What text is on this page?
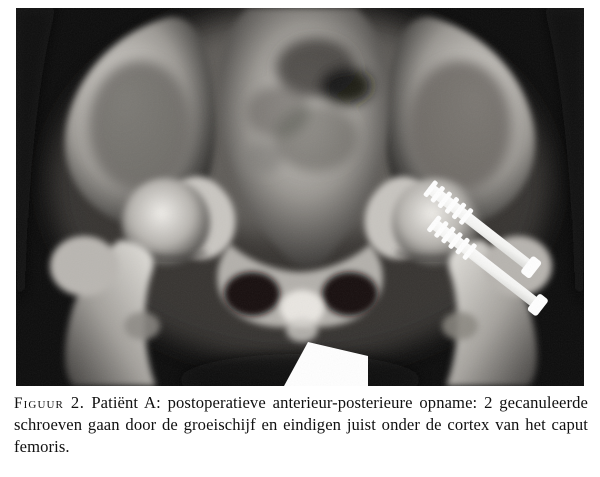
Figuur 2. Patiënt A: postoperatieve anterieur-posterieure opname: 2 gecanuleerde schroeven gaan door de groeischijf en eindigen juist onder de cortex van het caput femoris.
